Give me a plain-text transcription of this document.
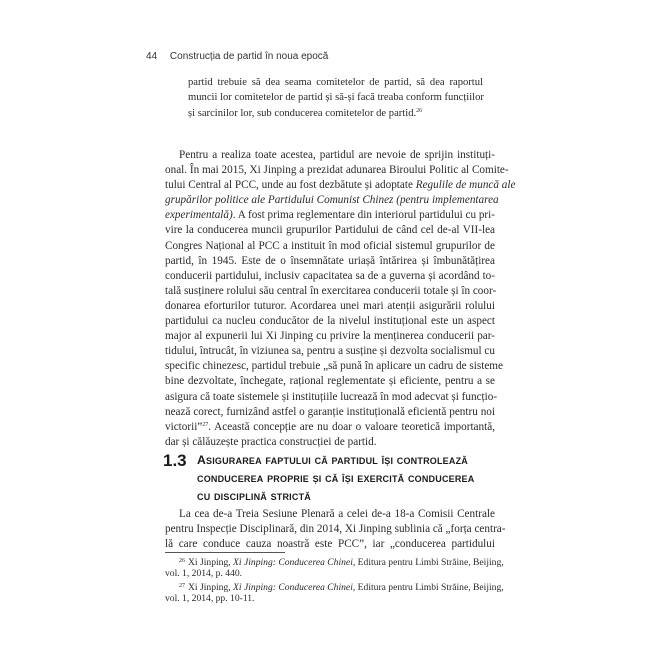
44 Construcția de partid în noua epocă
partid trebuie să dea seama comitetelor de partid, să dea raportul
muncii lor comitetelor de partid și să-și facă treaba conform funcțiilor
și sarcinilor lor, sub conducerea comitetelor de partid.$^{26}$
Pentru a realiza toate acestea, partidul are nevoie de sprijin instituți-
onal. În mai 2015, Xi Jinping a prezidat adunarea Biroului Politic al Comite-
tului Central al PCC, unde au fost dezbătute și adoptate Regulile de muncă ale
grupărilor politice ale Partidului Comunist Chinez (pentru implementarea
experimentală). A fost prima reglementare din interiorul partidului cu pri-
vire la conducerea muncii grupurilor Partidului de când cel de-al VII-lea
Congres Național al PCC a instituit în mod oficial sistemul grupurilor de
partid, în 1945. Este de o însemnătate uriașă întărirea și îmbunătățirea
conducerii partidului, inclusiv capacitatea sa de a guverna și acordând to-
tală susținere rolului său central în exercitarea conducerii totale și în coor-
donarea eforturilor tuturor. Acordarea unei mari atenții asigurării rolului
partidului ca nucleu conducător de la nivelul instituțional este un aspect
major al expunerii lui Xi Jinping cu privire la menținerea conducerii par-
tidului, întrucât, în viziunea sa, pentru a susține și dezvolta socialismul cu
specific chinezesc, partidul trebuie „să pună în aplicare un cadru de sisteme
bine dezvoltate, închegate, rațional reglementate și eficiente, pentru a se
asigura că toate sistemele și instituțiile lucrează în mod adecvat și funcțio-
nează corect, furnizând astfel o garanție instituțională eficientă pentru noi
victorii”$^{27}$. Această concepție are nu doar o valoare teoretică importantă,
dar și călăuzește practica construcției de partid.
1.3 Asigurarea faptului că partidul își controlează
conducerea proprie și că își exercită conducerea
cu disciplină strictă
La cea de-a Treia Sesiune Plenară a celei de-a 18-a Comisii Centrale
pentru Inspecție Disciplinară, din 2014, Xi Jinping sublinia că „forța centra-
lă care conduce cauza noastră este PCC”, iar „conducerea partidului
$^{26}$ Xi Jinping, Xi Jinping: Conducerea Chinei, Editura pentru Limbi Străine, Beijing,
vol. 1, 2014, p. 440.
$^{27}$ Xi Jinping, Xi Jinping: Conducerea Chinei, Editura pentru Limbi Străine, Beijing,
vol. 1, 2014, pp. 10-11.
